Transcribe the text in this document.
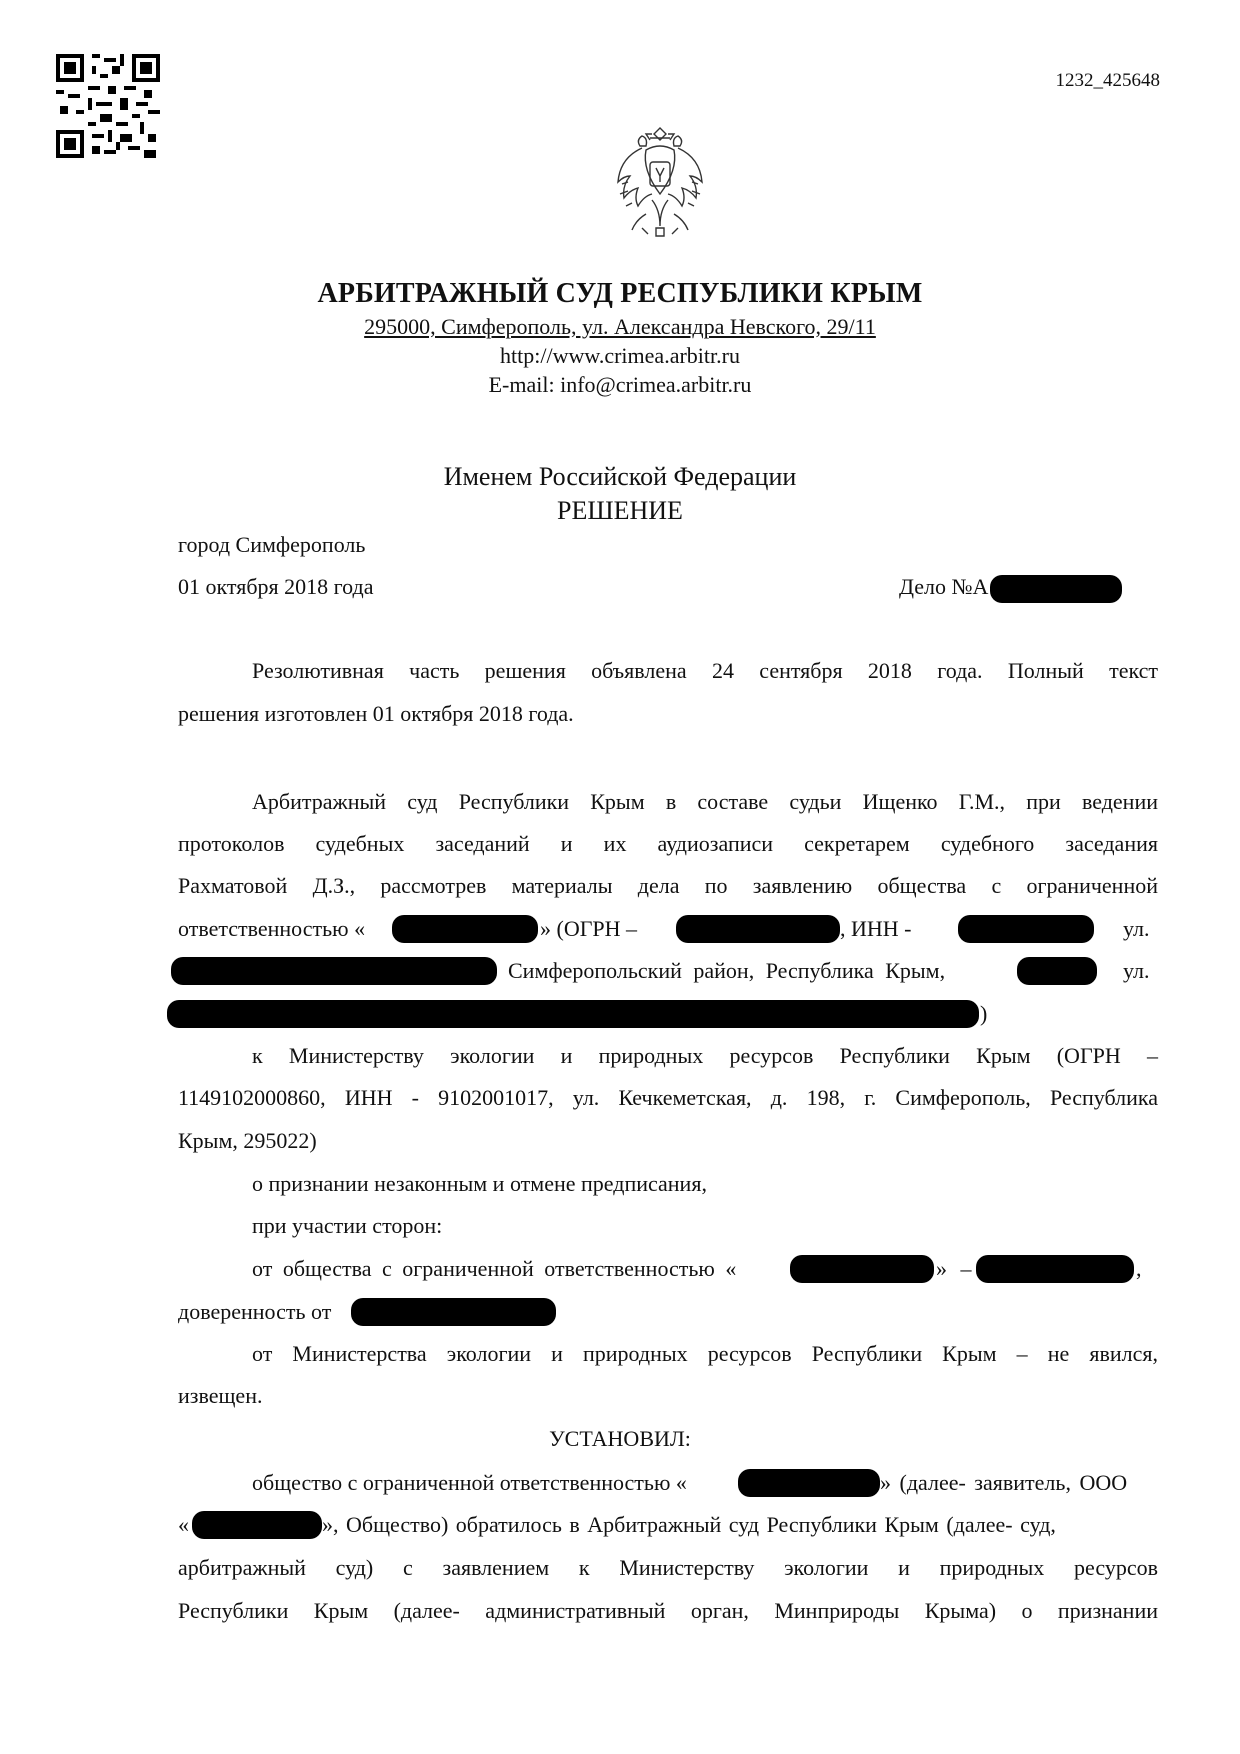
1232_425648
АРБИТРАЖНЫЙ СУД РЕСПУБЛИКИ КРЫМ
295000, Симферополь, ул. Александра Невского, 29/11
http://www.crimea.arbitr.ru
E-mail: info@crimea.arbitr.ru
Именем Российской Федерации
РЕШЕНИЕ
город Симферополь
01 октября 2018 года	Дело №А
Резолютивная часть решения объявлена 24 сентября 2018 года. Полный текст
решения изготовлен 01 октября 2018 года.
Арбитражный суд Республики Крым в составе судьи Ищенко Г.М., при ведении
протоколов судебных заседаний и их аудиозаписи секретарем судебного заседания
Рахматовой Д.З., рассмотрев материалы дела по заявлению общества с ограниченной
ответственностью «	» (ОГРН –	, ИНН -	ул.
Симферопольский район, Республика Крым,	ул.
)
к Министерству экологии и природных ресурсов Республики Крым (ОГРН –
1149102000860, ИНН - 9102001017, ул. Кечкеметская, д. 198, г. Симферополь, Республика
Крым, 295022)
о признании незаконным и отмене предписания,
при участии сторон:
от общества с ограниченной ответственностью «	» –	,
доверенность от
от Министерства экологии и природных ресурсов Республики Крым – не явился,
извещен.
УСТАНОВИЛ:
общество с ограниченной ответственностью «	» (далее- заявитель, ООО
«	», Общество) обратилось в Арбитражный суд Республики Крым (далее- суд,
арбитражный суд) с заявлением к Министерству экологии и природных ресурсов
Республики Крым (далее- административный орган, Минприроды Крыма) о признании
